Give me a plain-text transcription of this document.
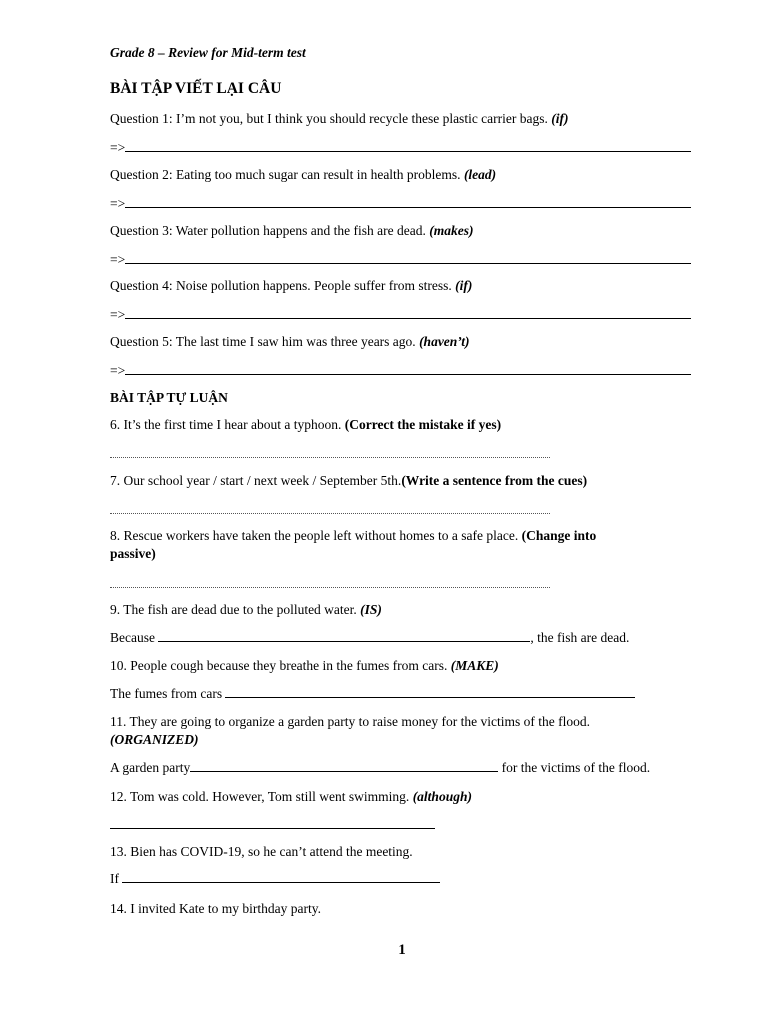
Grade 8 – Review for Mid-term test
BÀI TẬP VIẾT LẠI CÂU
Question 1: I’m not you, but I think you should recycle these plastic carrier bags. (if)
=>
Question 2: Eating too much sugar can result in health problems. (lead)
=>
Question 3: Water pollution happens and the fish are dead. (makes)
=>
Question 4: Noise pollution happens. People suffer from stress. (if)
=>
Question 5: The last time I saw him was three years ago. (haven’t)
=>
BÀI TẬP TỰ LUẬN
6. It’s the first time I hear about a typhoon. (Correct the mistake if yes)
7. Our school year / start / next week / September 5th.(Write a sentence from the cues)
8. Rescue workers have taken the people left without homes to a safe place. (Change into
passive)
9. The fish are dead due to the polluted water. (IS)
Because	, the fish are dead.
10. People cough because they breathe in the fumes from cars. (MAKE)
The fumes from cars
11. They are going to organize a garden party to raise money for the victims of the flood.
(ORGANIZED)
A garden party	for the victims of the flood.
12. Tom was cold. However, Tom still went swimming. (although)
13. Bien has COVID-19, so he can’t attend the meeting.
If
14. I invited Kate to my birthday party.
1
